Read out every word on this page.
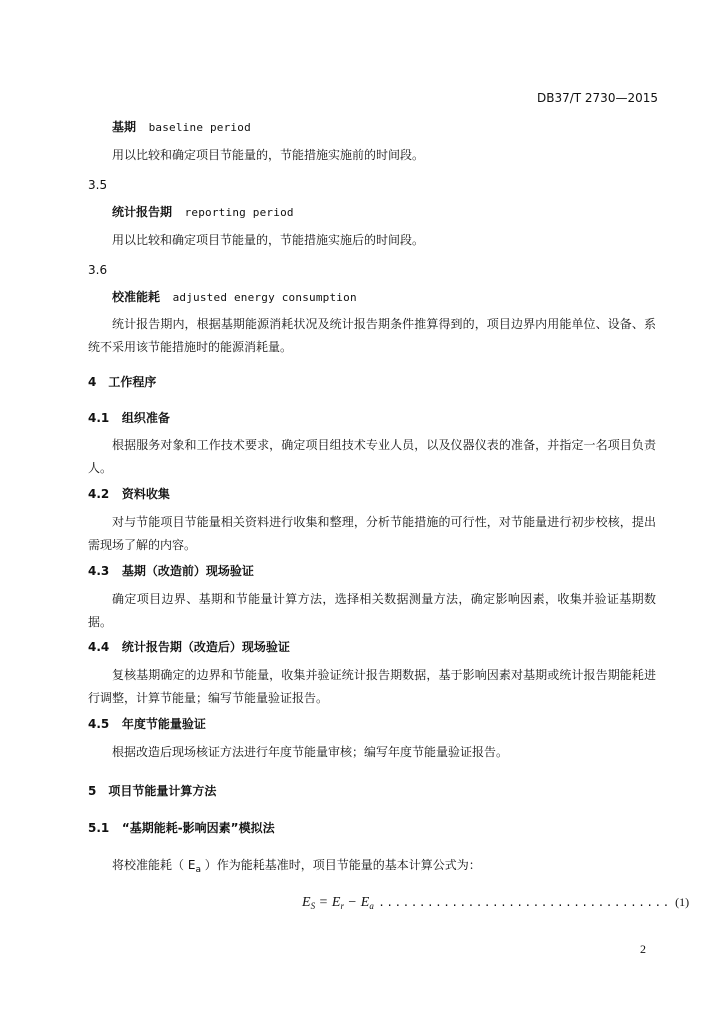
DB37/T 2730—2015
基期 baseline period
用以比较和确定项目节能量的，节能措施实施前的时间段。
3.5
统计报告期 reporting period
用以比较和确定项目节能量的，节能措施实施后的时间段。
3.6
校准能耗 adjusted energy consumption
统计报告期内，根据基期能源消耗状况及统计报告期条件推算得到的，项目边界内用能单位、设备、系统不采用该节能措施时的能源消耗量。
4　工作程序
4.1 组织准备
根据服务对象和工作技术要求，确定项目组技术专业人员，以及仪器仪表的准备，并指定一名项目负责人。
4.2 资料收集
对与节能项目节能量相关资料进行收集和整理，分析节能措施的可行性，对节能量进行初步校核，提出需现场了解的内容。
4.3 基期（改造前）现场验证
确定项目边界、基期和节能量计算方法，选择相关数据测量方法，确定影响因素，收集并验证基期数据。
4.4 统计报告期（改造后）现场验证
复核基期确定的边界和节能量，收集并验证统计报告期数据，基于影响因素对基期或统计报告期能耗进行调整，计算节能量；编写节能量验证报告。
4.5 年度节能量验证
根据改造后现场核证方法进行年度节能量审核；编写年度节能量验证报告。
5　项目节能量计算方法
5.1 “基期能耗-影响因素”模拟法
将校准能耗（ $E_a$ ）作为能耗基准时，项目节能量的基本计算公式为：
$E_S = E_r - E_a$ .................................... (1)
2
